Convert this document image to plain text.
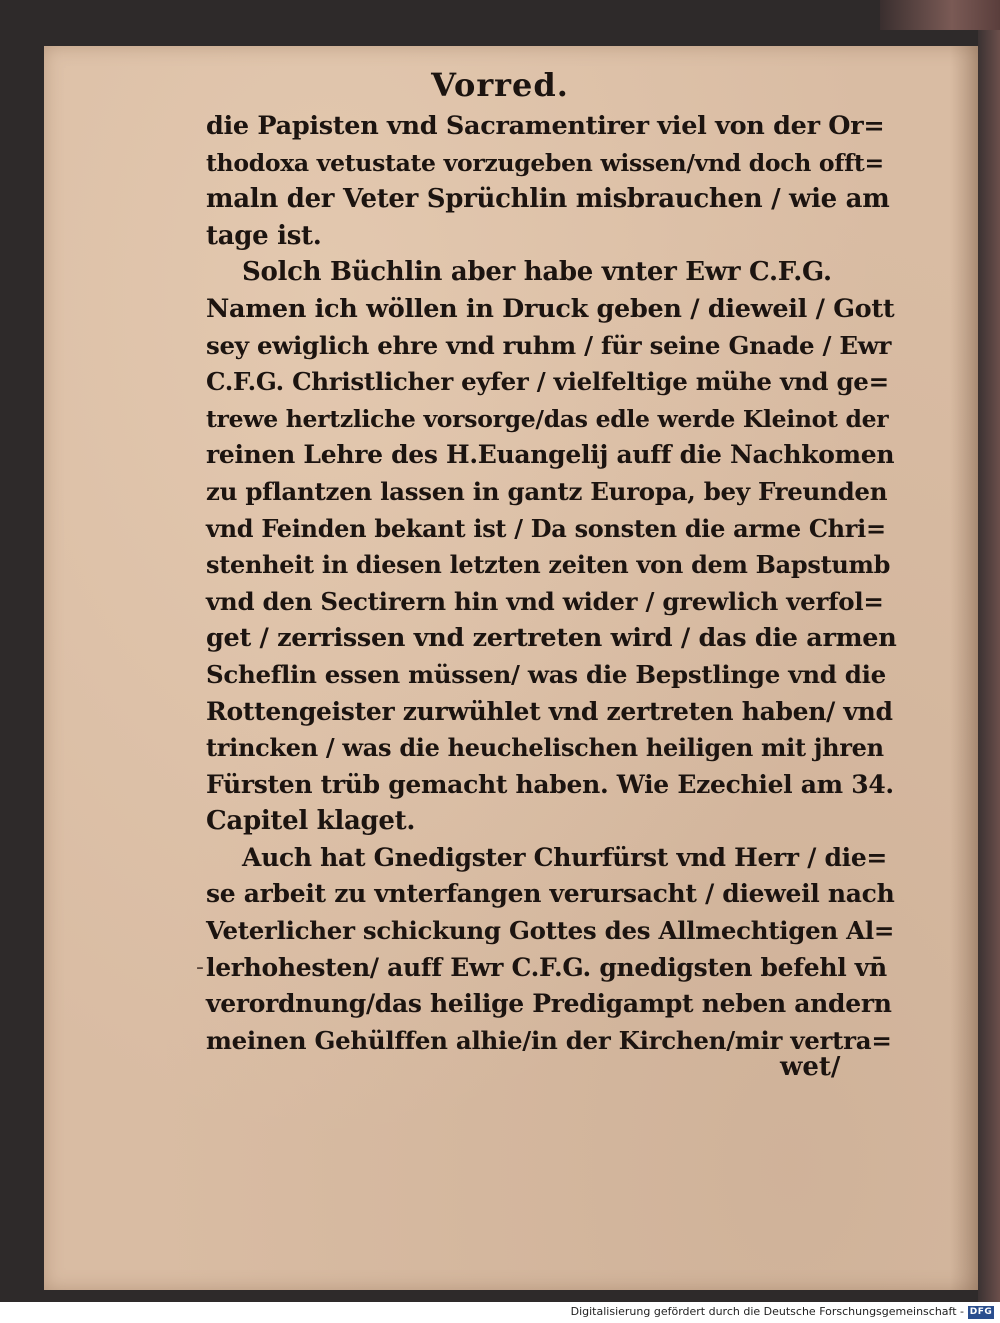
Vorred.
die Papisten vnd Sacramentirer viel von der Or=
thodoxa vetustate vorzugeben wissen/vnd doch offt=
maln der Veter Sprüchlin misbrauchen / wie am
tage ist.
Solch Büchlin aber habe vnter Ewr C.F.G.
Namen ich wöllen in Druck geben / dieweil / Gott
sey ewiglich ehre vnd ruhm / für seine Gnade / Ewr
C.F.G. Christlicher eyfer / vielfeltige mühe vnd ge=
trewe hertzliche vorsorge/das edle werde Kleinot der
reinen Lehre des H.Euangelij auff die Nachkomen
zu pflantzen lassen in gantz Europa, bey Freunden
vnd Feinden bekant ist / Da sonsten die arme Chri=
stenheit in diesen letzten zeiten von dem Bapstumb
vnd den Sectirern hin vnd wider / grewlich verfol=
get / zerrissen vnd zertreten wird / das die armen
Scheflin essen müssen/ was die Bepstlinge vnd die
Rottengeister zurwühlet vnd zertreten haben/ vnd
trincken / was die heuchelischen heiligen mit jhren
Fürsten trüb gemacht haben. Wie Ezechiel am 34.
Capitel klaget.
Auch hat Gnedigster Churfürst vnd Herr / die=
se arbeit zu vnterfangen verursacht / dieweil nach
Veterlicher schickung Gottes des Allmechtigen Al=
lerhohesten/ auff Ewr C.F.G. gnedigsten befehl vn̄
verordnung/das heilige Predigampt neben andern
meinen Gehülffen alhie/in der Kirchen/mir vertra=
-
wet/
Digitalisierung gefördert durch die Deutsche Forschungsgemeinschaft - DFG
